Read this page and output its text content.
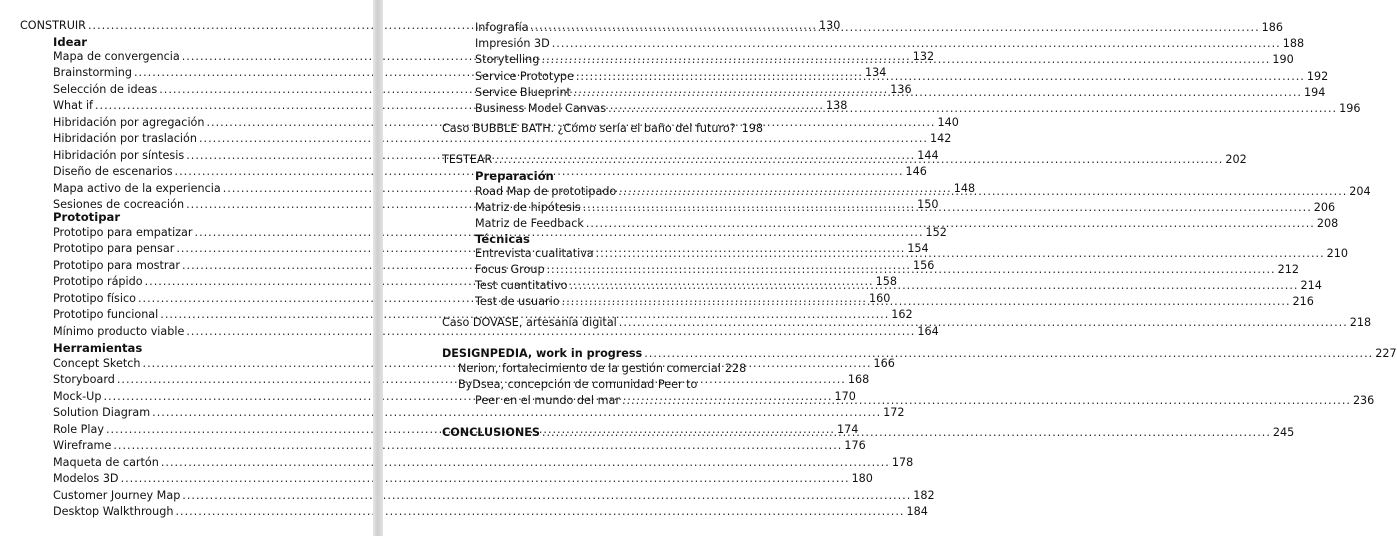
CONSTRUIR .....	130
Idear
Mapa de convergencia .....	132
Brainstorming .....	134
Selección de ideas .....	136
What if .....	138
Hibridación por agregación .....	140
Hibridación por traslación .....	142
Hibridación por síntesis .....	144
Diseño de escenarios .....	146
Mapa activo de la experiencia .....	148
Sesiones de cocreación .....	150
Prototipar
Prototipo para empatizar .....	152
Prototipo para pensar .....	154
Prototipo para mostrar .....	156
Prototipo rápido .....	158
Prototipo físico .....	160
Prototipo funcional .....	162
Mínimo producto viable .....	164
Herramientas
Concept Sketch .....	166
Storyboard .....	168
Mock-Up .....	170
Solution Diagram .....	172
Role Play .....	174
Wireframe .....	176
Maqueta de cartón .....	178
Modelos 3D .....	180
Customer Journey Map .....	182
Desktop Walkthrough .....	184
Infografía .....	186
Impresión 3D .....	188
Storytelling .....	190
Service Prototype .....	192
Service Blueprint .....	194
Business Model Canvas .....	196
Caso BUBBLE BATH. ¿Cómo sería el baño del futuro? 198
TESTEAR .....	202
Preparación
Road Map de prototipado .....	204
Matriz de hipótesis .....	206
Matriz de Feedback .....	208
Técnicas
Entrevista cualitativa .....	210
Focus Group .....	212
Test cuantitativo .....	214
Test de usuario .....	216
Caso DOVASE, artesanía digital .....	218
DESIGNPEDIA, work in progress .....	227
Nerion, fortalecimiento de la gestión comercial 228
ByDsea, concepción de comunidad Peer to
Peer en el mundo del mar .....	236
CONCLUSIONES .....	245
